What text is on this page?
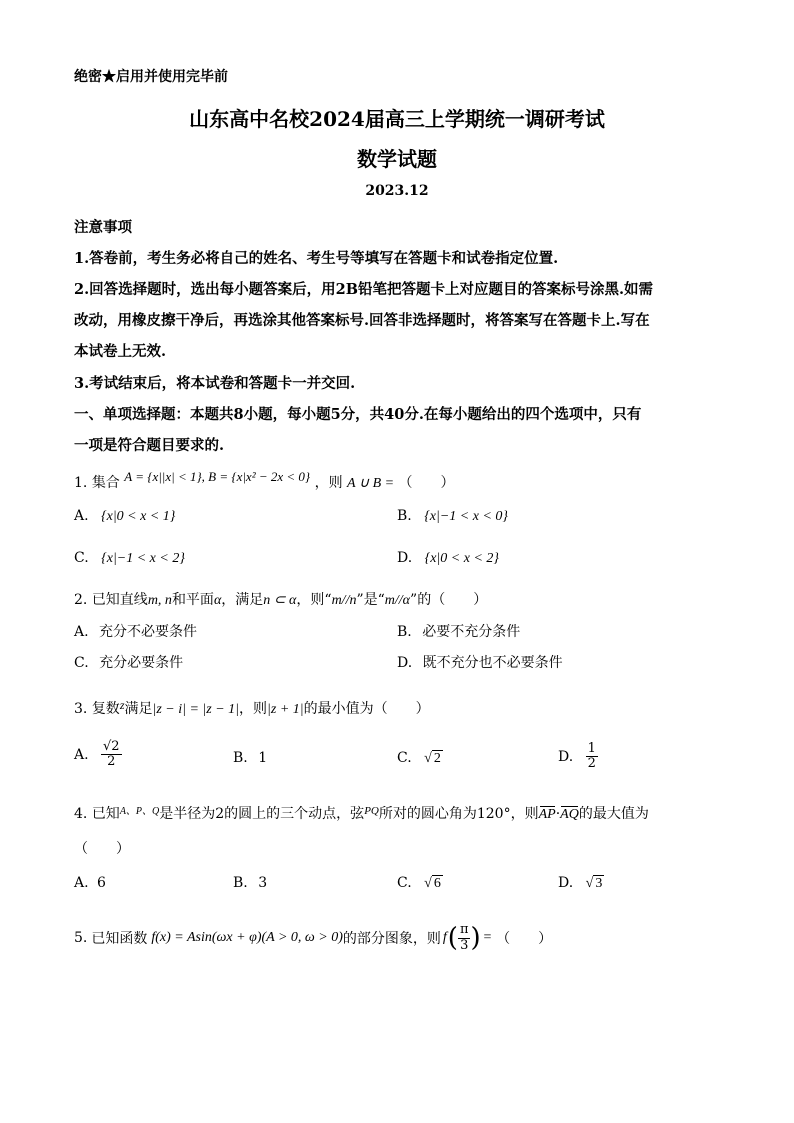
绝密★启用并使用完毕前
山东高中名校2024届高三上学期统一调研考试
数学试题
2023.12
注意事项
1.答卷前，考生务必将自己的姓名、考生号等填写在答题卡和试卷指定位置.
2.回答选择题时，选出每小题答案后，用2B铅笔把答题卡上对应题目的答案标号涂黑.如需
改动，用橡皮擦干净后，再选涂其他答案标号.回答非选择题时，将答案写在答题卡上.写在
本试卷上无效.
3.考试结束后，将本试卷和答题卡一并交回.
一、单项选择题：本题共8小题，每小题5分，共40分.在每小题给出的四个选项中，只有
一项是符合题目要求的.
1. 集合 A = {x||x| < 1}, B = {x|x² − 2x < 0} ，则 A ∪ B = （　　）
A. {x|0 < x < 1}	B. {x|−1 < x < 0}
C. {x|−1 < x < 2}	D. {x|0 < x < 2}
2. 已知直线m, n和平面α，满足n ⊂ α，则“m//n”是“m//α”的（　　）
A. 充分不必要条件	B. 必要不充分条件
C. 充分必要条件	D. 既不充分也不必要条件
3. 复数z满足|z − i| = |z − 1|，则|z + 1|的最小值为（　　）
A. $\frac{√2}{2}$	B. 1	C. √ 2	D. $\frac{1}{2}$
4. 已知$^{A、P、Q}$是半径为2的圆上的三个动点，弦$^{PQ}$所对的圆心角为120°，则AP·AQ的最大值为
（　　）
A. 6	B. 3	C. √ 6	D. √ 3
5. 已知函数 f(x) = Asin(ωx + φ)(A > 0, ω > 0) 的部分图象，则 f ( $\frac{\pi}{3}$ ) = （　　）
